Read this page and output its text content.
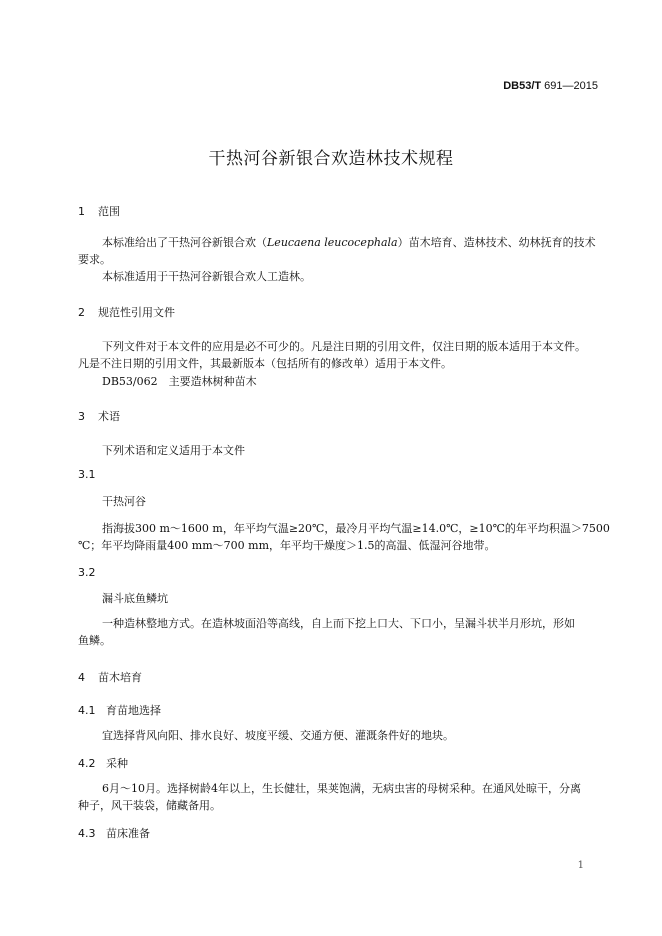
DB53/T 691—2015
干热河谷新银合欢造林技术规程
1 范围
本标准给出了干热河谷新银合欢（Leucaena leucocephala）苗木培育、造林技术、幼林抚育的技术
要求。
本标准适用于干热河谷新银合欢人工造林。
2 规范性引用文件
下列文件对于本文件的应用是必不可少的。凡是注日期的引用文件，仅注日期的版本适用于本文件。
凡是不注日期的引用文件，其最新版本（包括所有的修改单）适用于本文件。
DB53/062　主要造林树种苗木
3 术语
下列术语和定义适用于本文件
3.1
干热河谷
指海拔300 m～1600 m，年平均气温≥20℃，最冷月平均气温≥14.0℃，≥10℃的年平均积温＞7500
℃；年平均降雨量400 mm～700 mm，年平均干燥度＞1.5的高温、低湿河谷地带。
3.2
漏斗底鱼鳞坑
一种造林整地方式。在造林坡面沿等高线，自上而下挖上口大、下口小，呈漏斗状半月形坑，形如
鱼鳞。
4 苗木培育
4.1 育苗地选择
宜选择背风向阳、排水良好、坡度平缓、交通方便、灌溉条件好的地块。
4.2 采种
6月～10月。选择树龄4年以上，生长健壮，果荚饱满，无病虫害的母树采种。在通风处晾干，分离
种子，风干装袋，储藏备用。
4.3 苗床准备
1
